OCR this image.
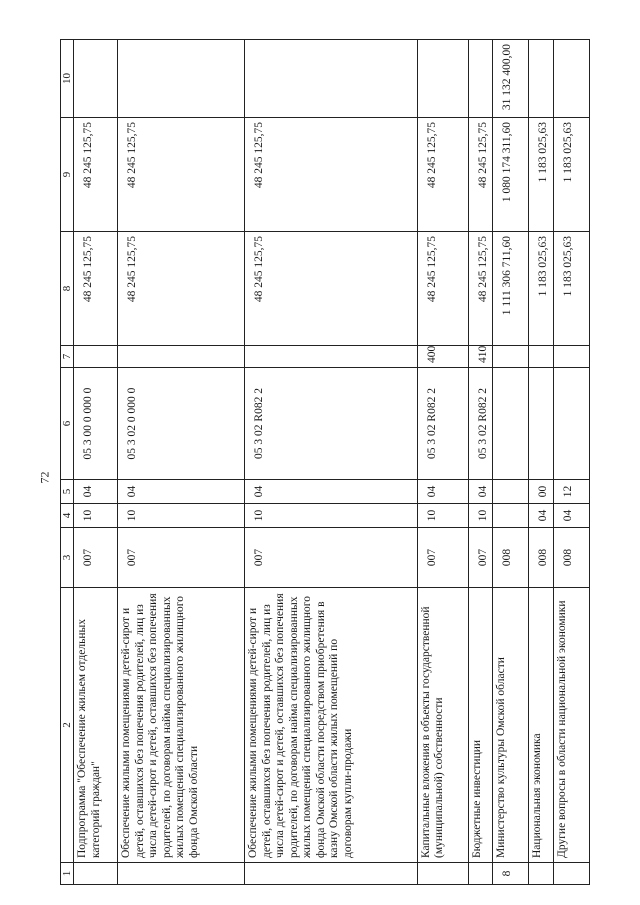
72
1	2	3	4	5	6	7	8	9	10
	Подпрограмма "Обеспечение жильем отдельных категорий граждан"	007	10	04	05 3 00 0 000 0		48 245 125,75	48 245 125,75	
	Обеспечение жилыми помещениями детей-сирот и детей, оставшихся без попечения родителей, лиц из числа детей-сирот и детей, оставшихся без попечения родителей, по договорам найма специализированных жилых помещений специализированного жилищного фонда Омской области	007	10	04	05 3 02 0 000 0		48 245 125,75	48 245 125,75	
	Обеспечение жилыми помещениями детей-сирот и детей, оставшихся без попечения родителей, лиц из числа детей-сирот и детей, оставшихся без попечения родителей, по договорам найма специализированных жилых помещений специализированного жилищного фонда Омской области посредством приобретения в казну Омской области жилых помещений по договорам купли-продажи	007	10	04	05 3 02 R082 2		48 245 125,75	48 245 125,75	
	Капитальные вложения в объекты государственной (муниципальной) собственности	007	10	04	05 3 02 R082 2	400	48 245 125,75	48 245 125,75	
	Бюджетные инвестиции	007	10	04	05 3 02 R082 2	410	48 245 125,75	48 245 125,75	
8	Министерство культуры Омской области	008					1 111 306 711,60	1 080 174 311,60	31 132 400,00
	Национальная экономика	008	04	00			1 183 025,63	1 183 025,63	
	Другие вопросы в области национальной экономики	008	04	12			1 183 025,63	1 183 025,63	
